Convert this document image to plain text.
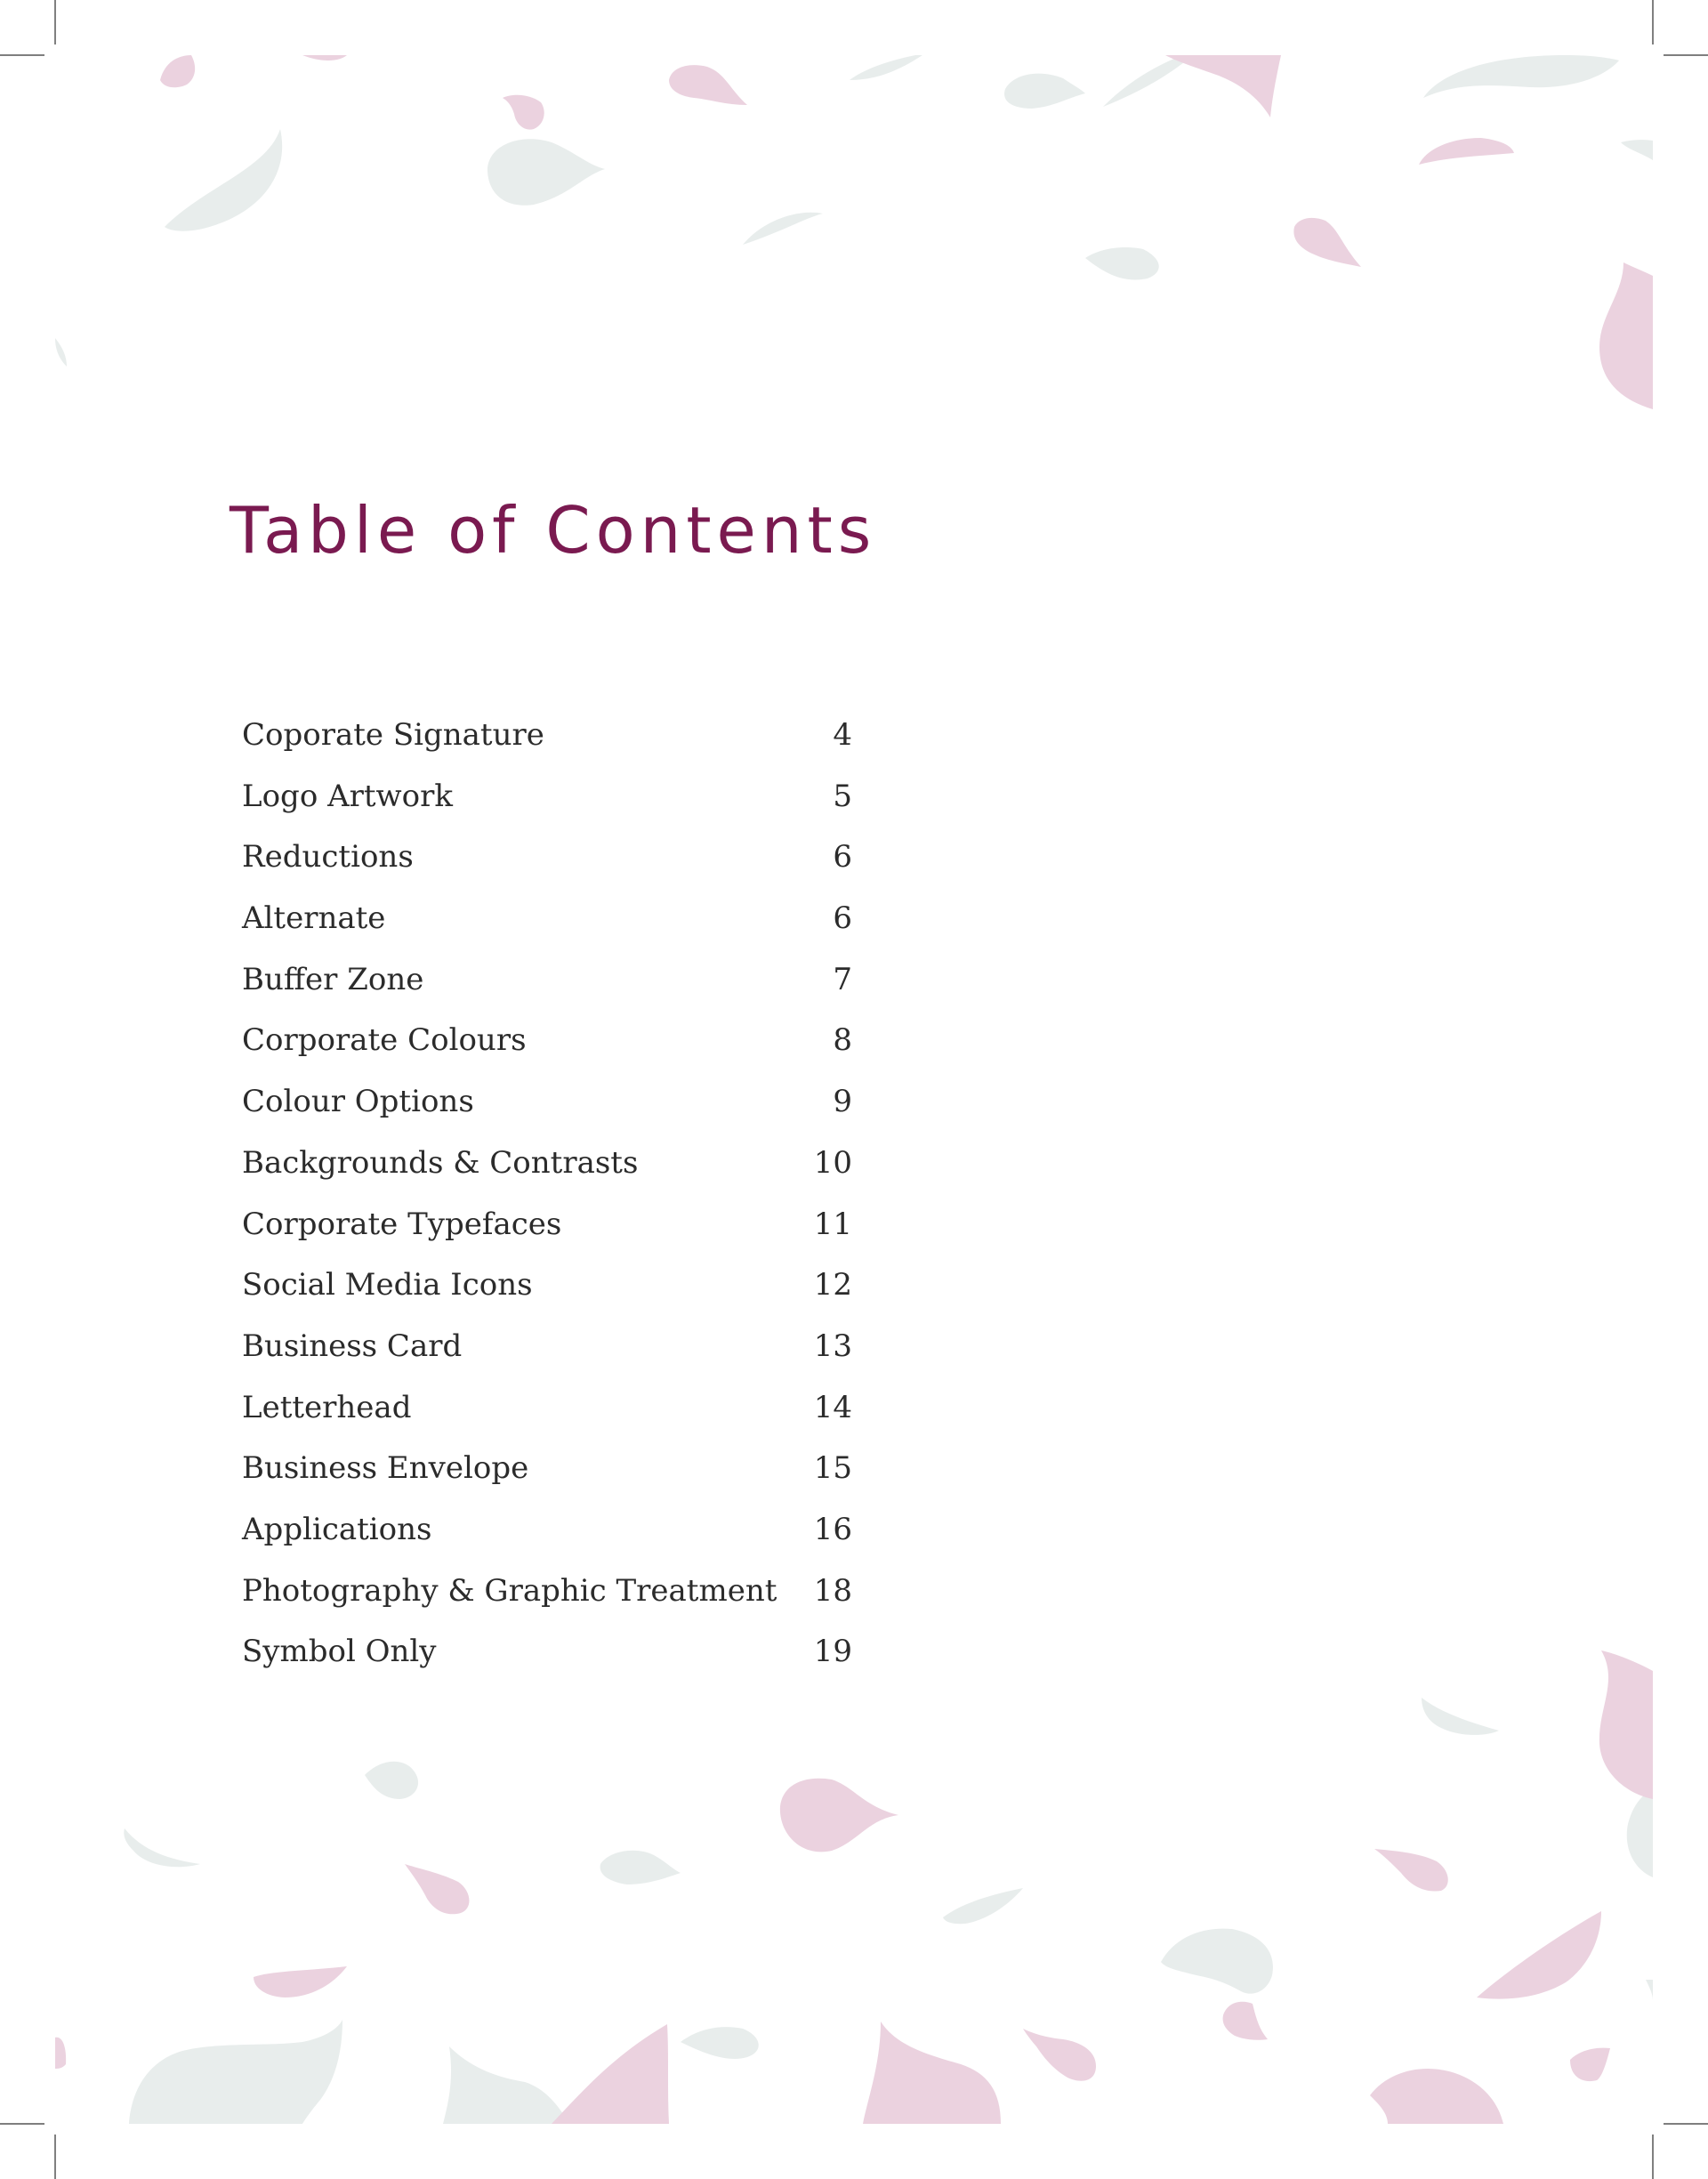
Table of Contents
Coporate Signature	4
Logo Artwork	5
Reductions	6
Alternate	6
Buffer Zone	7
Corporate Colours	8
Colour Options	9
Backgrounds & Contrasts	10
Corporate Typefaces	11
Social Media Icons	12
Business Card	13
Letterhead	14
Business Envelope	15
Applications	16
Photography & Graphic Treatment 18
Symbol Only	19
